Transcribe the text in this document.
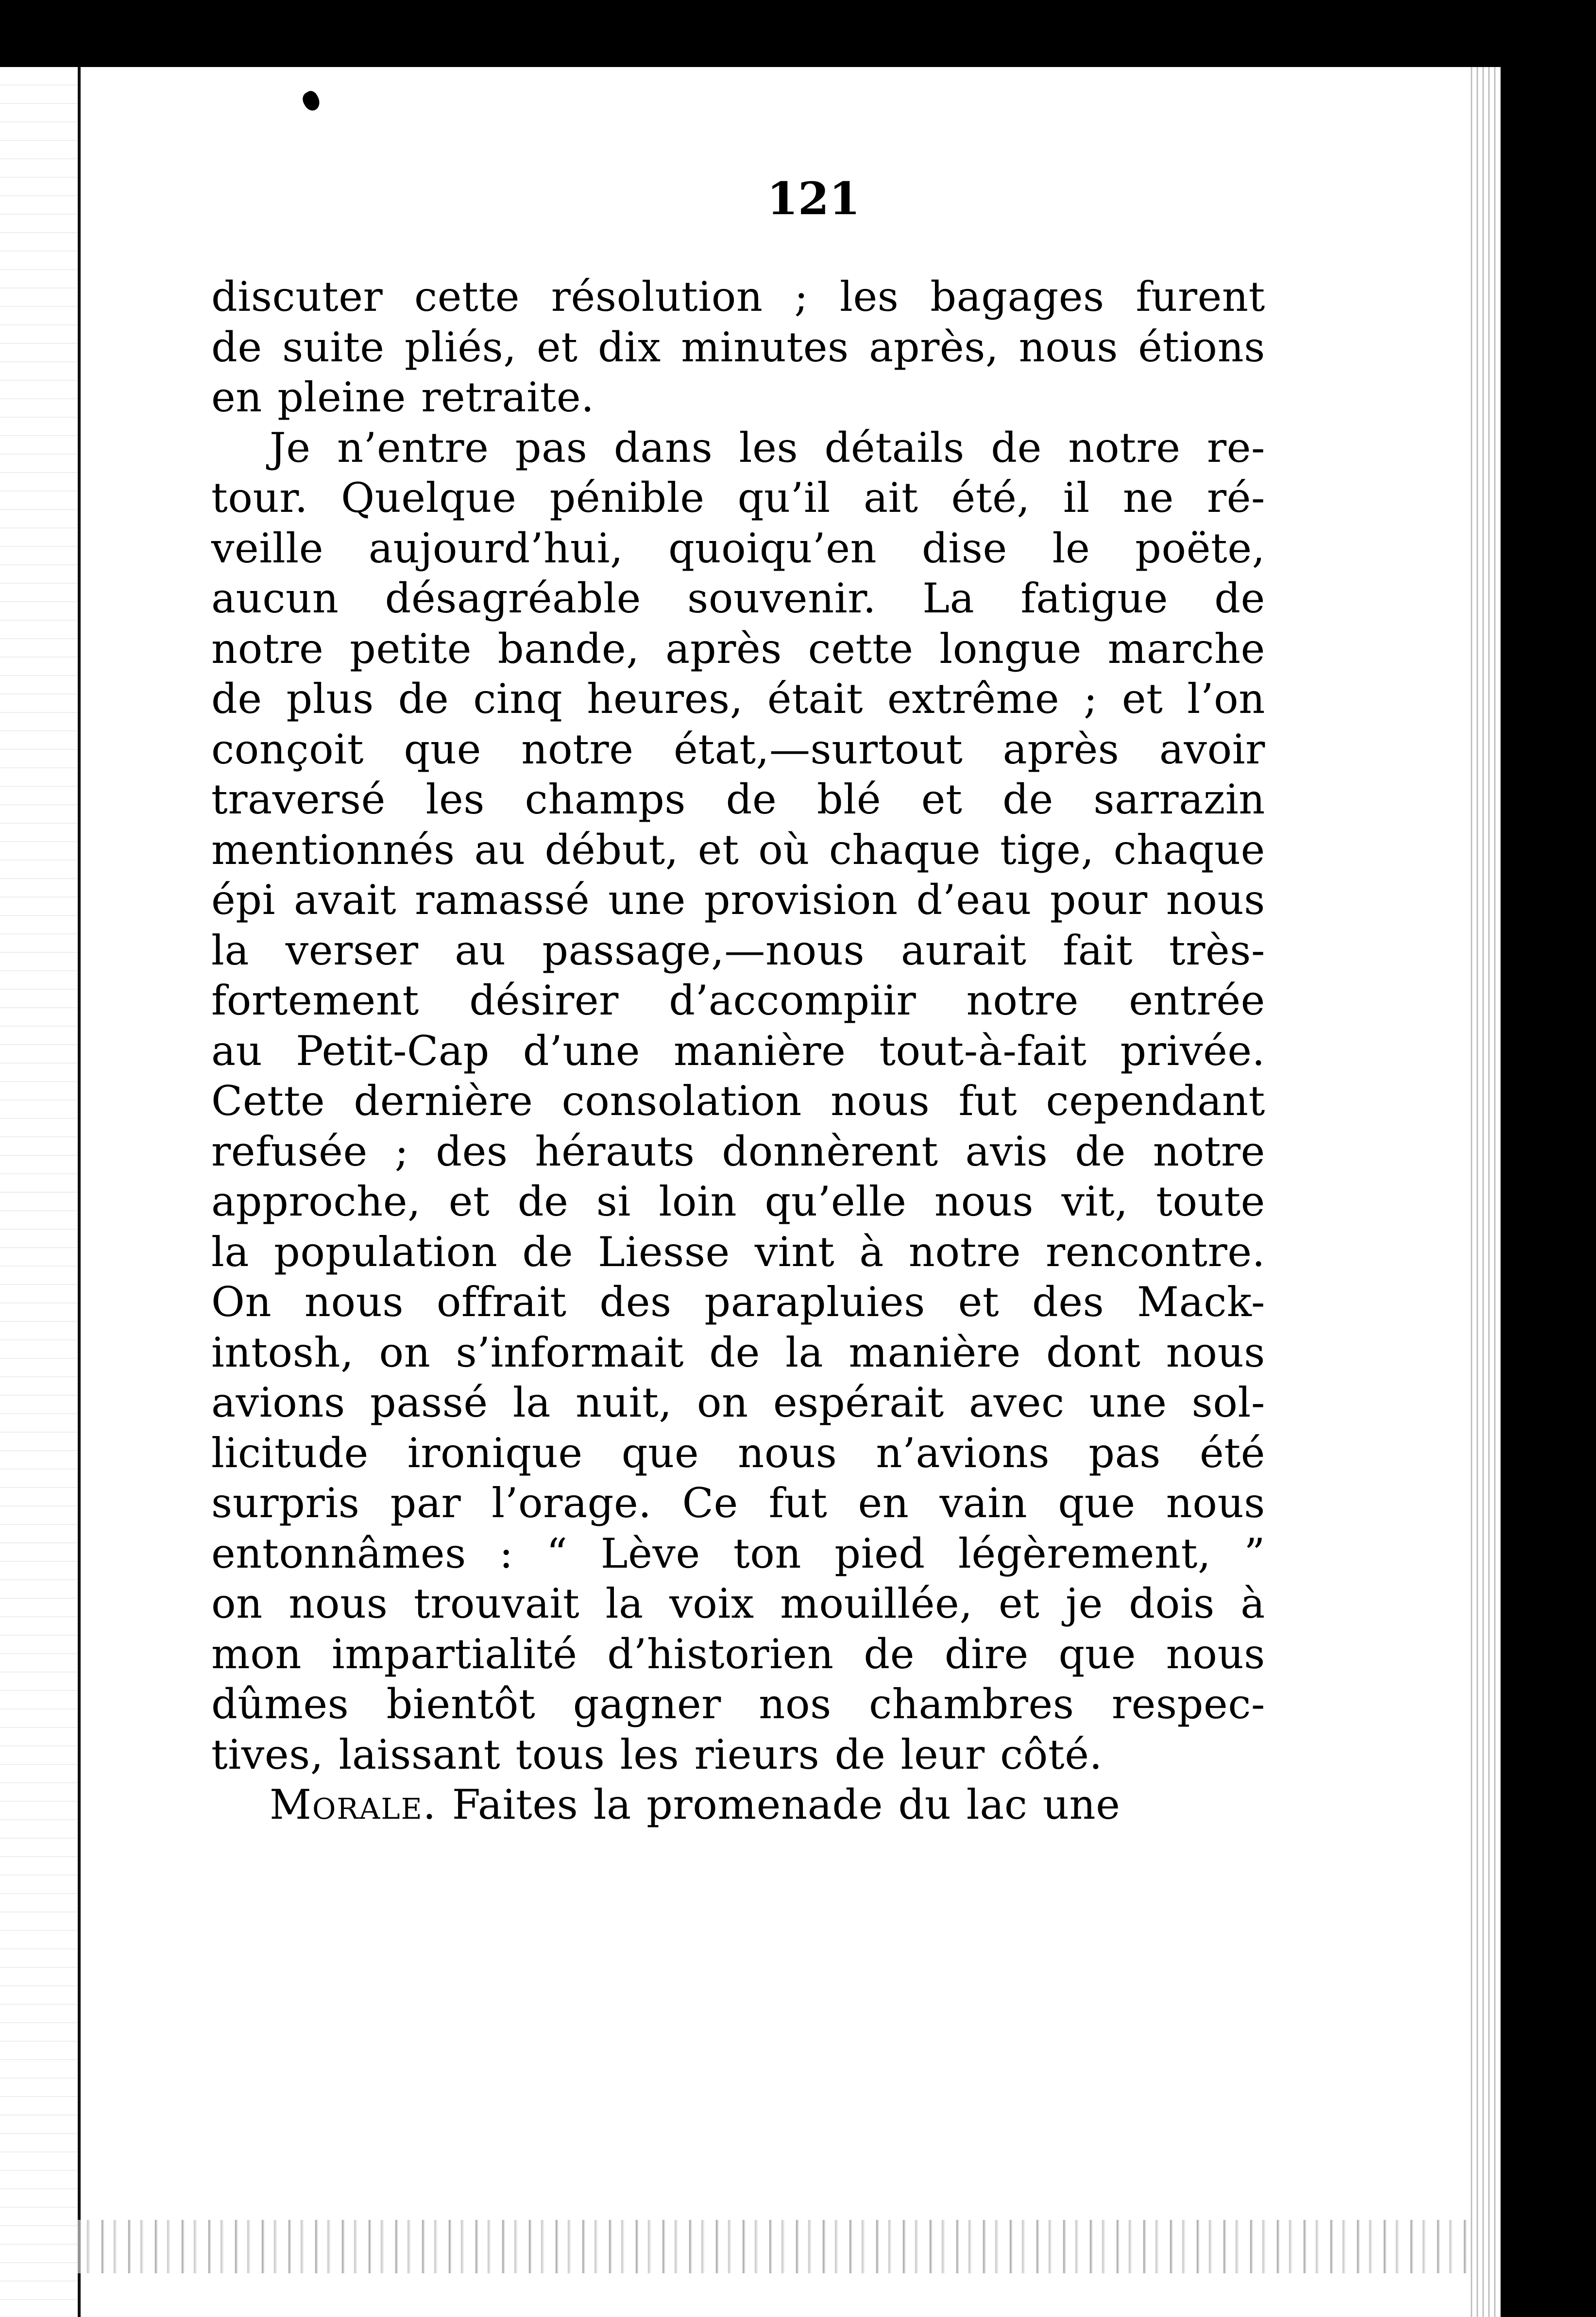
121
discuter cette résolution ; les bagages furent
de suite pliés, et dix minutes après, nous étions
en pleine retraite.
Je n’entre pas dans les détails de notre re-
tour. Quelque pénible qu’il ait été, il ne ré-
veille aujourd’hui, quoiqu’en dise le poëte,
aucun désagréable souvenir. La fatigue de
notre petite bande, après cette longue marche
de plus de cinq heures, était extrême ; et l’on
conçoit que notre état,—surtout après avoir
traversé les champs de blé et de sarrazin
mentionnés au début, et où chaque tige, chaque
épi avait ramassé une provision d’eau pour nous
la verser au passage,—nous aurait fait très-
fortement désirer d’accompiir notre entrée
au Petit-Cap d’une manière tout-à-fait privée.
Cette dernière consolation nous fut cependant
refusée ; des hérauts donnèrent avis de notre
approche, et de si loin qu’elle nous vit, toute
la population de Liesse vint à notre rencontre.
On nous offrait des parapluies et des Mack-
intosh, on s’informait de la manière dont nous
avions passé la nuit, on espérait avec une sol-
licitude ironique que nous n’avions pas été
surpris par l’orage. Ce fut en vain que nous
entonnâmes : “ Lève ton pied légèrement, ”
on nous trouvait la voix mouillée, et je dois à
mon impartialité d’historien de dire que nous
dûmes bientôt gagner nos chambres respec-
tives, laissant tous les rieurs de leur côté.
Morale. Faites la promenade du lac une
